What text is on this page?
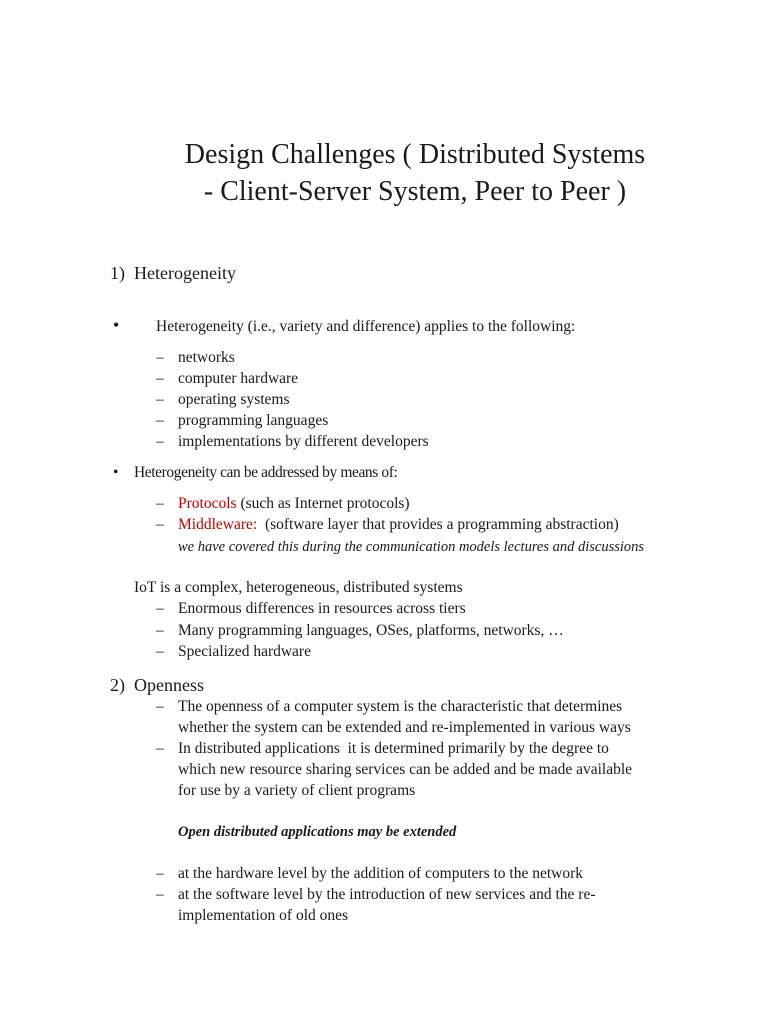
Design Challenges ( Distributed Systems
- Client-Server System, Peer to Peer )
1) Heterogeneity
• Heterogeneity (i.e., variety and difference) applies to the following:
– networks
– computer hardware
– operating systems
– programming languages
– implementations by different developers
• Heterogeneity can be addressed by means of:
– Protocols (such as Internet protocols)
– Middleware:  (software layer that provides a programming abstraction)
we have covered this during the communication models lectures and discussions
IoT is a complex, heterogeneous, distributed systems
– Enormous differences in resources across tiers
– Many programming languages, OSes, platforms, networks, …
– Specialized hardware
2) Openness
– The openness of a computer system is the characteristic that determines
whether the system can be extended and re-implemented in various ways
– In distributed applications  it is determined primarily by the degree to
which new resource sharing services can be added and be made available
for use by a variety of client programs
Open distributed applications may be extended
– at the hardware level by the addition of computers to the network
– at the software level by the introduction of new services and the re-
implementation of old ones
